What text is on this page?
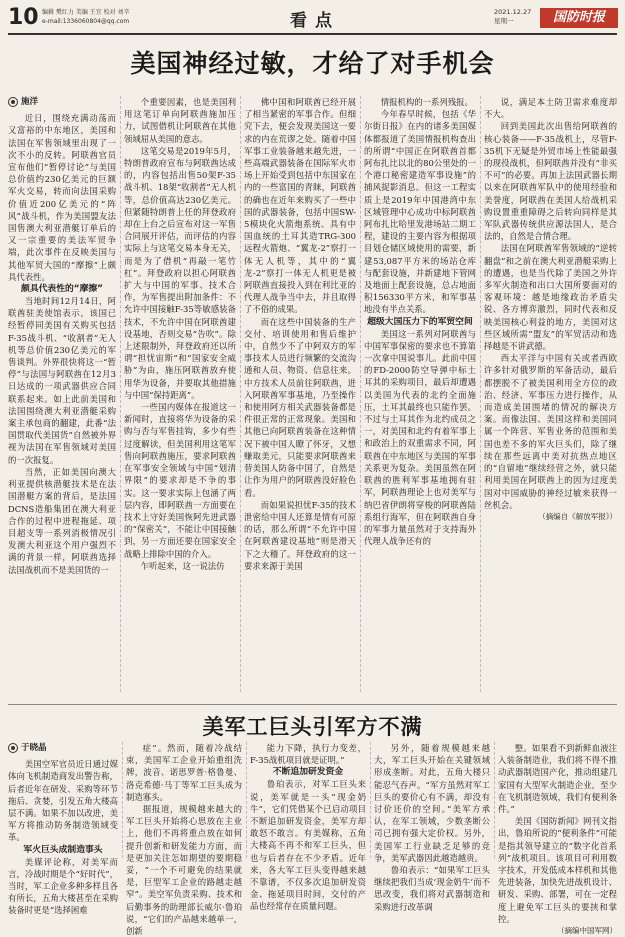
10 编辑 樊红力 美编 王宜 校对 刘辛
e-mail:1336060804@qq.com	看点	2021.12.27
星期一	国防时报
美国神经过敏，才给了对手机会
施洋

近日，围绕充满动荡而又富裕的中东地区，美国和法国在军售领域里出现了一次不小的反转。阿联酋官员宣布他们“暂停讨论”与美国总价值约230亿美元的巨额军火交易，转而向法国采购价值近200亿美元的“阵风”战斗机，作为美国盟友法国售澳大利亚潜艇订单后的又一宗重要的美法军贸争端，此次事件在反映美国与其他军贸大国的“摩擦”上颇具代表性。

颇具代表性的“摩擦”

当地时间12月14日，阿联酋驻美使馆表示，该国已经暂停同美国有关购买包括F-35战斗机、“收割者”无人机等总价值230亿美元的军售谈判。外界很快将这一“暂停”与法国与阿联酋在12月3日达成的一项武器供应合同联系起来。如上此前美国和法国围绕澳大利亚潜艇采购案主承包商的翻建，此番“法国贯取代美国货”自然被外界视为法国在军售领域对美国的一次报复。

当然，正如美国向澳大利亚提供核潜艇技术是在法国潜艇方案的背后，是法国DCNS造船集团在澳大利亚合作的过程中进程拖延、项目超支等一系列消极情况引发澳大利亚这个用户强烈不满的背景一样，阿联酋选择法国战机而不是美国货的一

个重要因素，也是美国利用这笔订单向阿联酋施加压力，试图借机让阿联酋在其他领域屈从美国的意志。

这笔交易是2019年5月，特朗普政府宣布与阿联酋达成的，内容包括出售50架F-35战斗机、18架“收割者”无人机等，总价值高达230亿美元。但紧随特朗普上任的拜登政府却在上台之后宣布对这一军售合同展开评估，而评估的内容实际上与这笔交易本身无关，而是为了借机“再敲一笔竹杠”。拜登政府以担心阿联酋扩大与中国的军事、技术合作，为军售提出附加条件：不允许中国接触F-35等敏感装备技术，不允许中国在阿联酋建设基地，否则交易“告吹”。除上述限制外，拜登政府还以所谓“担忧宙斯”和“国家安全威胁”为由，施压阿联酋放弃使用华为设备，并要取其他措施与中国“保持距离”。

一些国内媒体在报道这一新闻时，直接将华为设备的采购与否与军售挂钩，多少有些过度解读，但美国利用这笔军售向阿联酋施压，要求阿联酋在军事安全领域与中国“划清界限”的要求却是不争的事实。这一要求实际上包涵了两层内容，即阿联酋一方面要在技术上守好美国恢阿先进武器的“保密关”，不能让中国接触到，另一方面还要在国家安全战略上排除中国的介入。

乍听起来，这一说法仿

佛中国和阿联酋已经开展了相当紧密的军事合作。但细究下去，便会发现美国这一要求的内在荒谬之处。随着中国军事工业装备越来越先进，一些高端武器装备在国际军火市场上开始受到包括中东国家在内的一些富国的青睐，阿联酋的确也在近年来购买了一些中国的武器装备，包括中国SW-5模块化火箭炮系统、具有中国血统的土耳其造TRG-300远程火箭炮、“翼龙-2”察打一体无人机等，其中的“翼龙-2”察打一体无人机更是被阿联酋直接投入到在利比亚的代理人战争当中去，并且取得了不俗的成果。

而在这些中国装备的生产交付、培训使用和售后维护中，自然少不了中阿双方的军事技术人员进行频繁的交流沟通和人员、物资、信息往来。中方技术人员前往阿联酋，进入阿联酋军事基地，乃至操作和使用阿方相关武器装备都是件很正常的正常现象。美国和其他已向阿联酋装备在这种情况下被中国人瞭了怀牙，又想赚取美元，只能要求阿联酋来替美国人防备中国了，自然是让作为用户的阿联酋没好脸色看。

而如果说担忧F-35的技术泄密给中国人还算是情有可原的话，那么所谓“不允许中国在阿联酋建设基地”则是滑天下之大稽了。拜登政府的这一要求来源于美国

情报机构的一系列残报。

今年春早时候，包括《华尔街日报》在内的诸多美国媒体都报道了美国情报机构查出的所谓“中国正在阿联酋首都阿布扎比以北的80公里处的一个港口秘密建造军事设施”的捕风捉影消息。但这一工程实质上是2019年中国港湾中东区域管理中心成功中标阿联酋阿布扎比哈里发港场站二期工程，建设的主要内容为根据项目划仓储区域使用的需要，新建53,087平方米的场站仓库与配套设施，并新建地下管网及地面上配套设施，总占地面积156330平方米，和军事基地没有半点关系。

超级大国压力下的军贸空间

美国这一系列对阿联酋与中国军事保密的要求也不算第一次拿中国说事儿。此前中国的FD-2000防空导弹中标土耳其的采购项目，最后却遭遇以美国为代表的北约全面施压，土耳其最终也只能作罢。不过与土耳其作为北约成员之一，对美国和北约有着军事上和政治上的双重需求不同，阿联酋在中东地区与美国的军事关系更为复杂。美国虽然在阿联酋的胜利军事基地拥有驻军，阿联酋理论上也对美军与纳巴省伊朗将穿梭的阿联酋陆系组行海军，但在阿联酋自身的军事力量虽然对于支持海外代理人战争还有的

说，满足本土防卫需求难度却不大。

回到美国此次出售给阿联酋的核心装备——F-35战机上，尽管F-35机下无疑是外贸市场上性能最强的现役战机，但阿联酋并没有“非买不可”的必要。再加上法国武器长期以来在阿联酋军队中的使用经验和美誉度，阿联酋在美国人给战机采购设置重重障碍之后转向同样是其军队武器传统供应源法国人，是合法的，自然是合情合理。

法国在阿联酋军售领域的“逆转翻盘”和之前在澳大利亚潜艇采购上的遭遇，也是当代除了美国之外许多军火制造和出口大国所要面对的客观环境：越是地缘政治矛盾尖锐、各方博弈激烈，同时代表和反映美国核心利益的地方，美国对这些区域所需“盟友”的军贸活动和选择越是不讲武德。

西太平洋与中国有关或者西欧许多针对俄罗斯的军备活动，最后都摆脱不了被美国利用全方位的政治、经济、军事压力进行操作，从而造成美国围堵的情况的解决方案。而像法国、美国这样和美国同属一个阵营、军售业务的范围和美国也差不多的军火巨头们，除了继续在那些远离中美对抗热点地区的“自留地”继续经营之外，就只能利用美国在阿联酋上的因为过度美国对中国威胁的神经过敏来获得一丝机会。

（摘编自《解放军报》）

美军工巨头引军方不满
于晓晶

美国空军官员近日通过媒体向飞机制造商发出警告称，后者近年在研发、采购等环节拖后、贪婪，引发五角大楼高层不满。如果不加以改进，美军方将推动防务制造领域变革。

军火巨头成制造事头

美媒评论称，对美军而言，冷战时期是个“好时代”，当时，军工企业多种多样且各有所长，五角大楼甚至在采购装备时更是“选择困难

症”。然而，随着冷战结束，美国军工企业开始重组洗牌，波音、诺思罗普·格鲁曼、洛克希德·马丁等军工巨头成为制造寡头。

据报道，规模越来越大的军工巨头开始将心思放在主业上，他们不再将重点放在如何提升创新和研发能力方面，而是更加关注怎如期望的要期稳妥，“一个不可避免的结果就是，巨型军工企业的路越走越窄”。美空军负责采购、技术和后勤事务的助理部长威尔·鲁珀说，“它们的产品越来越单一，创新

能力下降，执行力变差，F-35战机项目就是证明。”

不断追加研发资金

鲁珀表示，对军工巨头来说，美军就是一头“现金奶牛”，它们凭借某个已启动项目不断追加研发资金，美军方却敢怒不敢言。有美媒称，五角大楼高不再不和军工巨头，但也与后者存在不少矛盾。近年来，各大军工巨头变得越来越不靠谱，不仅多次追加研发资金、拖延项目时间，交付的产品也经常存在质量问题。

另外，随着规模越来越大，军工巨头开始在关键领域形成垄断。对此，五角大楼只能忍气吞声。“军方虽然对军工巨头的要价心有不满，却没有讨价还价的空间。”美军方承认，在军工领域，少数垄断公司已拥有强大定价权。另外，美国军工行业缺乏足够的竞争，美军武器因此越造越贵。

鲁珀表示：“如果军工巨头继续把我们当成‘现金奶牛’而不思改变，我们将对武器制造和采购进行改革调

整。如果看不到新鲜血液注入装备制造业，我们将不得不推动武器制造国产化，推动组建几家国有大型军火制造企业，至少在飞机制造领域，我们有便利条件。”

美国《国防新闻》网刊文指出，鲁珀所说的“便利条件”可能是指其领导建立的“数字化首系列”战机项目。该项目可利用数字技术，开发低成本样机和其他先进装备，加快先进战机设计、研发、采购、部署，可在一定程度上避免军工巨头的要挟和掌控。

（摘编中国军网）
